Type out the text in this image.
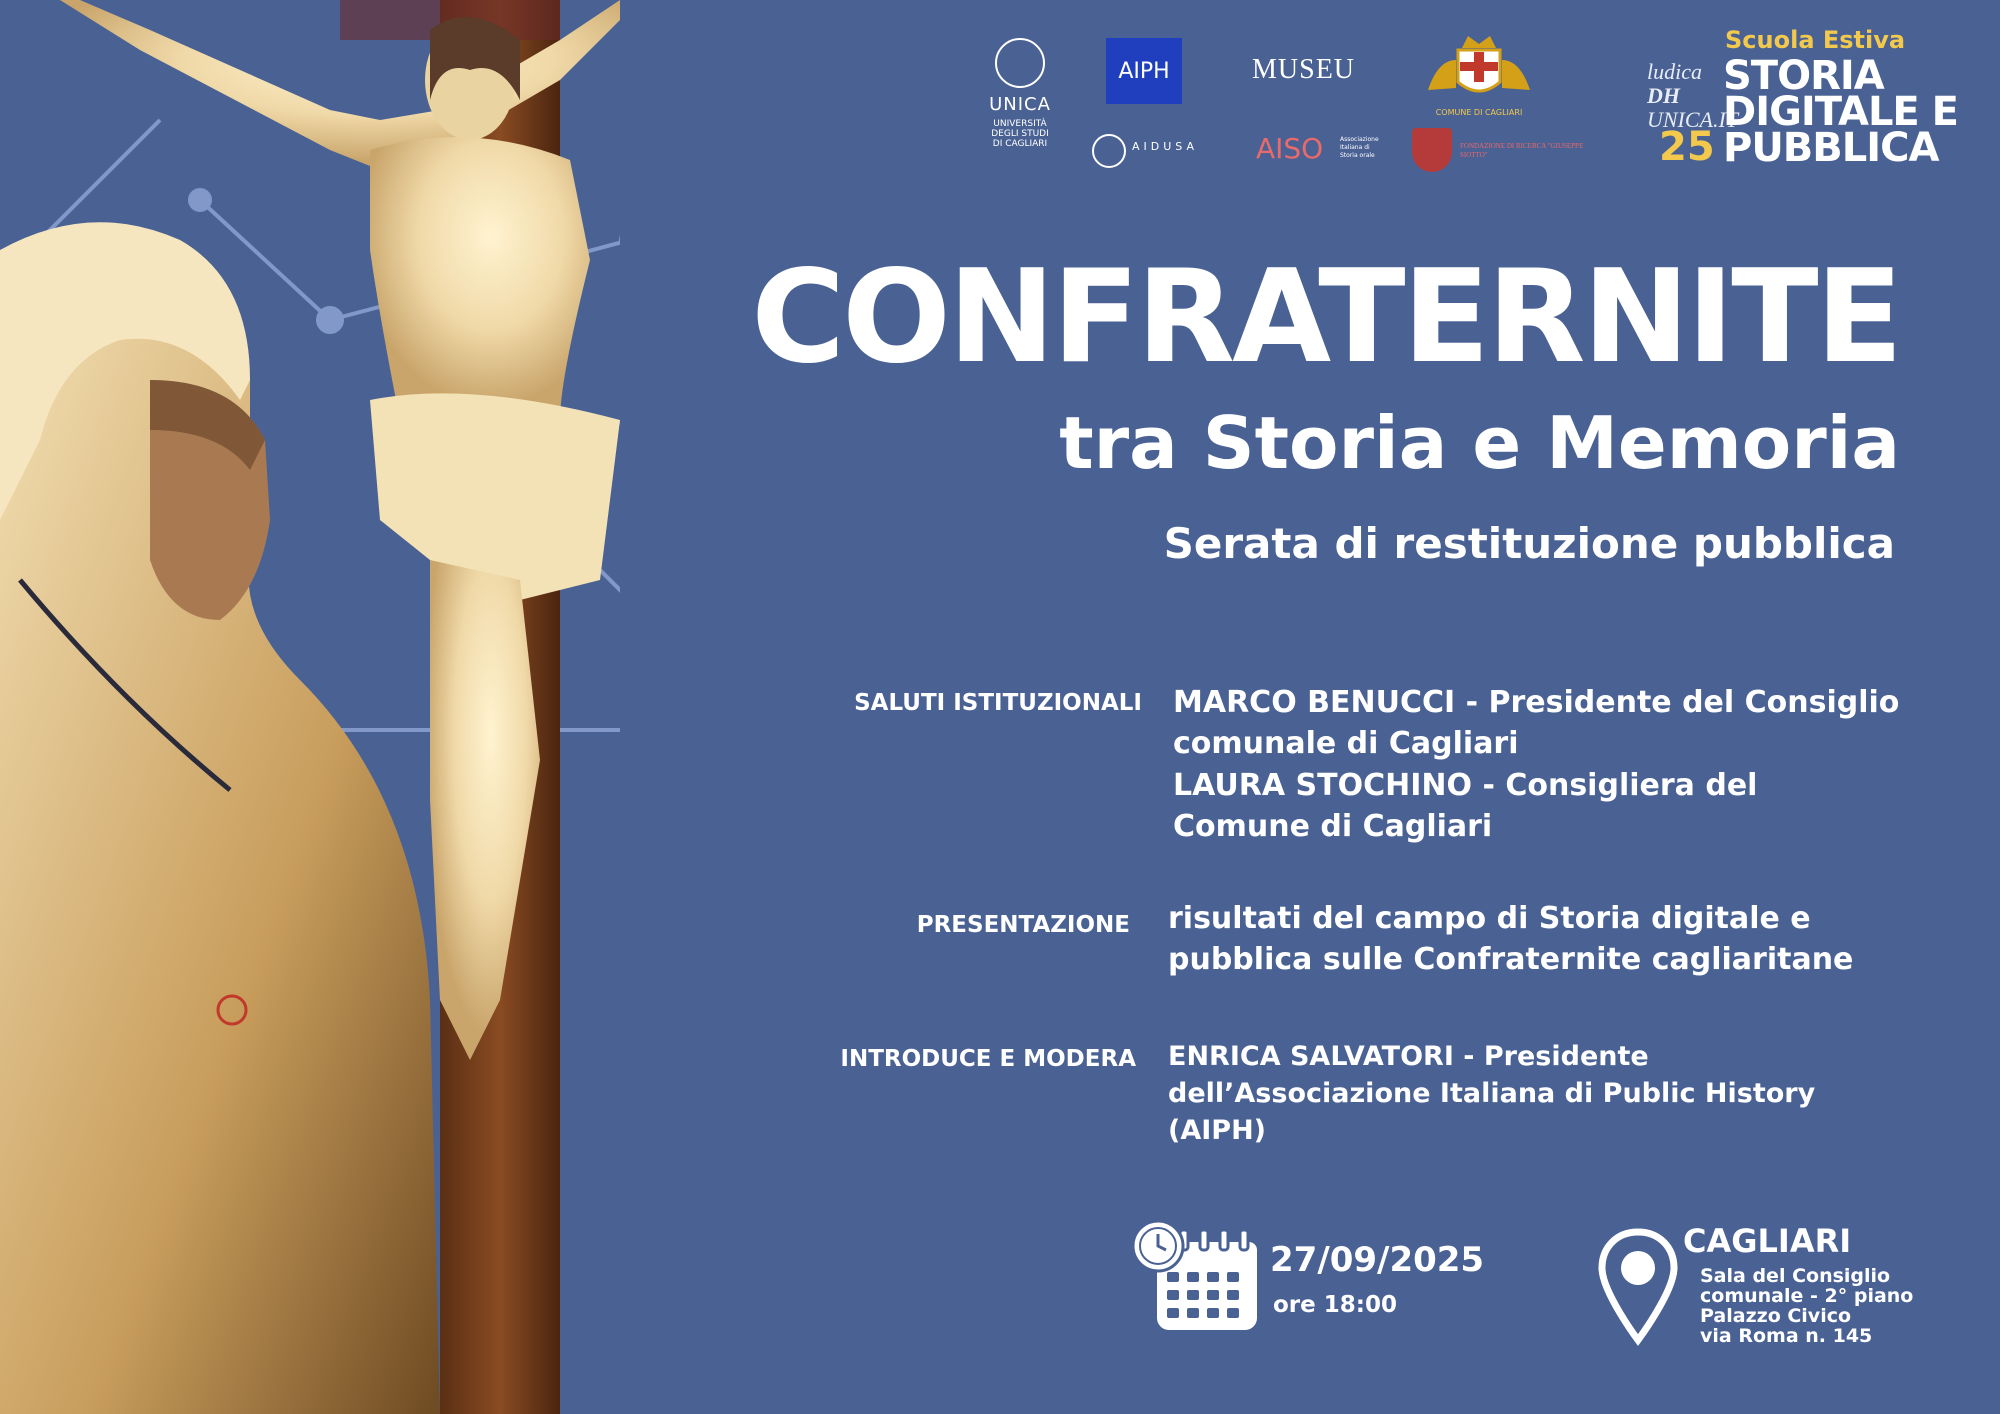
UNICA
UNIVERSITÀ
DEGLI STUDI
DI CAGLIARI
AIPH	MUSEU
COMUNE DI CAGLIARI
AIDUSA AISO	Associazione Italiana di Storia orale
FONDAZIONE DI RICERCA "GIUSEPPE SIOTTO"
ludica
DH
UNICA.IT
Scuola Estiva
STORIA
DIGITALE E
PUBBLICA
25
CONFRATERNITE
tra Storia e Memoria
Serata di restituzione pubblica
SALUTI ISTITUZIONALI MARCO BENUCCI - Presidente del Consiglio
comunale di Cagliari
LAURA STOCHINO - Consigliera del
Comune di Cagliari
PRESENTAZIONE risultati del campo di Storia digitale e
pubblica sulle Confraternite cagliaritane
INTRODUCE E MODERA ENRICA SALVATORI - Presidente
dell’Associazione Italiana di Public History
(AIPH)
27/09/2025
ore 18:00
CAGLIARI
Sala del Consiglio
comunale - 2° piano
Palazzo Civico
via Roma n. 145
